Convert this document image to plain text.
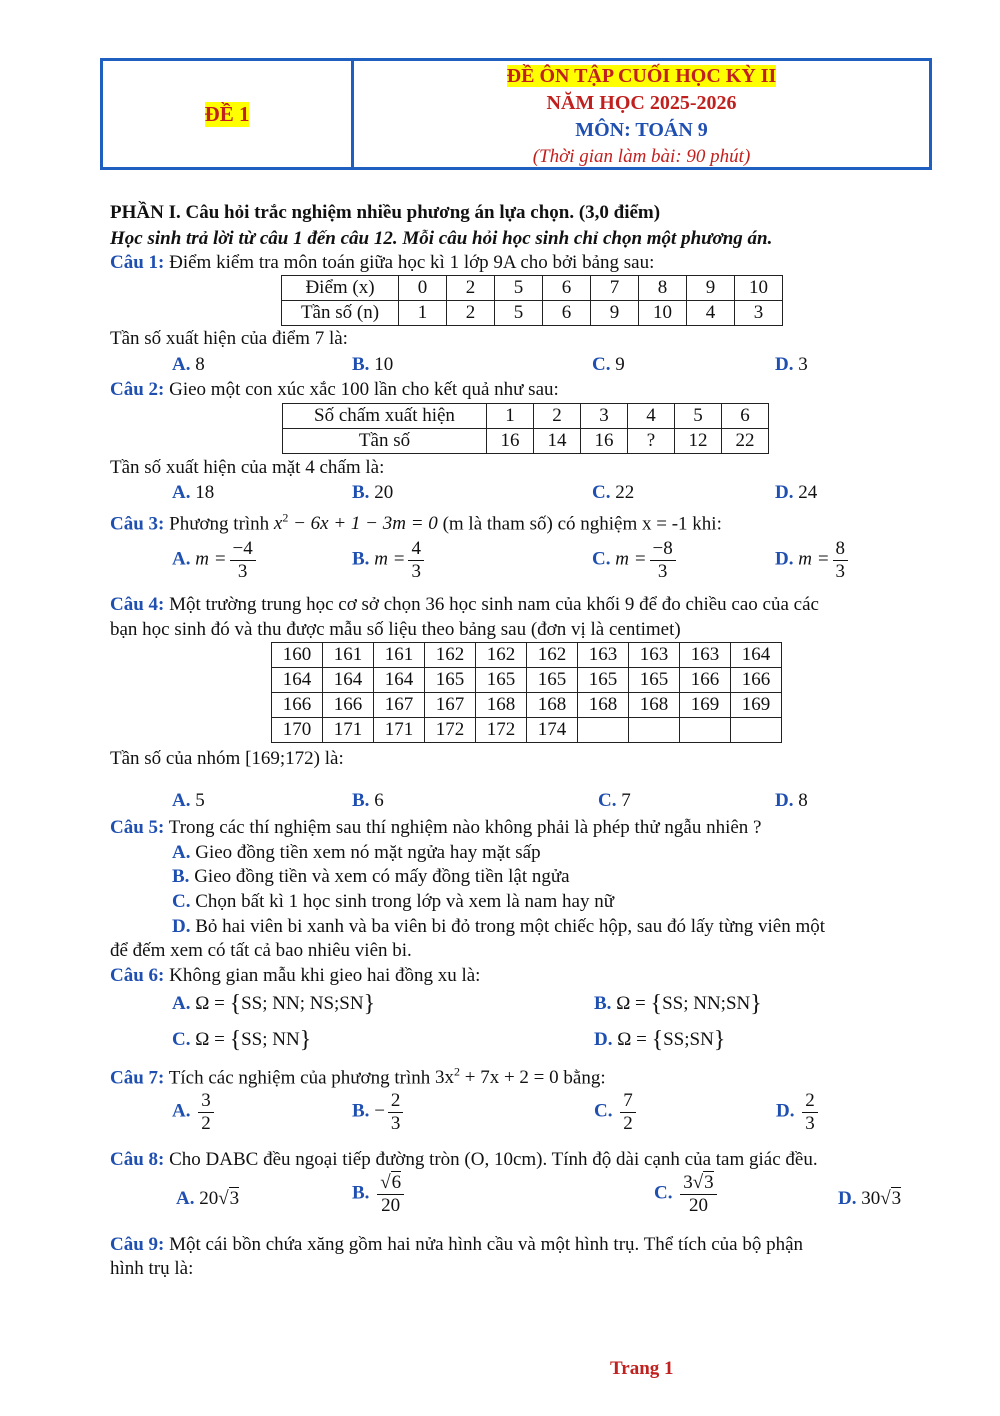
ĐỀ 1
ĐỀ ÔN TẬP CUỐI HỌC KỲ II
NĂM HỌC 2025-2026
MÔN: TOÁN 9
(Thời gian làm bài: 90 phút)
PHẦN I. Câu hỏi trắc nghiệm nhiều phương án lựa chọn. (3,0 điểm)
Học sinh trả lời từ câu 1 đến câu 12. Mỗi câu hỏi học sinh chỉ chọn một phương án.
Câu 1: Điểm kiểm tra môn toán giữa học kì 1 lớp 9A cho bởi bảng sau:
Điểm (x)	0	2	5	6	7	8	9	10
Tần số (n)	1	2	5	6	9	10	4	3
Tần số xuất hiện của điểm 7 là:
A. 8	B. 10	C. 9	D. 3
Câu 2: Gieo một con xúc xắc 100 lần cho kết quả như sau:
Số chấm xuất hiện	1	2	3	4	5	6
Tần số	16	14	16	?	12	22
Tần số xuất hiện của mặt 4 chấm là:
A. 18	B. 20	C. 22	D. 24
Câu 3: Phương trình $x^2 - 6x + 1 - 3m = 0$ (m là tham số) có nghiệm x = -1 khi:
A. $m = \frac{-4}{3}$	B. $m = \frac{4}{3}$	C. $m = \frac{-8}{3}$	D. $m = \frac{8}{3}$
Câu 4: Một trường trung học cơ sở chọn 36 học sinh nam của khối 9 để đo chiều cao của các
bạn học sinh đó và thu được mẫu số liệu theo bảng sau (đơn vị là centimet)
160	161	161	162	162	162	163	163	163	164
164	164	164	165	165	165	165	165	166	166
166	166	167	167	168	168	168	168	169	169
170	171	171	172	172	174				
Tần số của nhóm [169;172) là:
A. 5	B. 6	C. 7	D. 8
Câu 5: Trong các thí nghiệm sau thí nghiệm nào không phải là phép thử ngẫu nhiên ?
A. Gieo đồng tiền xem nó mặt ngửa hay mặt sấp
B. Gieo đồng tiền và xem có mấy đồng tiền lật ngửa
C. Chọn bất kì 1 học sinh trong lớp và xem là nam hay nữ
D. Bỏ hai viên bi xanh và ba viên bi đỏ trong một chiếc hộp, sau đó lấy từng viên một
để đếm xem có tất cả bao nhiêu viên bi.
Câu 6: Không gian mẫu khi gieo hai đồng xu là:
A. Ω = {SS; NN; NS;SN}	B. Ω = {SS; NN;SN}
C. Ω = {SS; NN}	D. Ω = {SS;SN}
Câu 7: Tích các nghiệm của phương trình $3x^2 + 7x + 2 = 0$ bằng:
A. $\frac{3}{2}$	B. − $\frac{2}{3}$	C. $\frac{7}{2}$	D. $\frac{2}{3}$
Câu 8: Cho DABC đều ngoại tiếp đường tròn (O, 10cm). Tính độ dài cạnh của tam giác đều.
A. 20√3	B. $\frac{√6}{20}$	C. $\frac{3√3}{20}$	D. 30√3
Câu 9: Một cái bồn chứa xăng gồm hai nửa hình cầu và một hình trụ. Thể tích của bộ phận
hình trụ là:
Trang 1
